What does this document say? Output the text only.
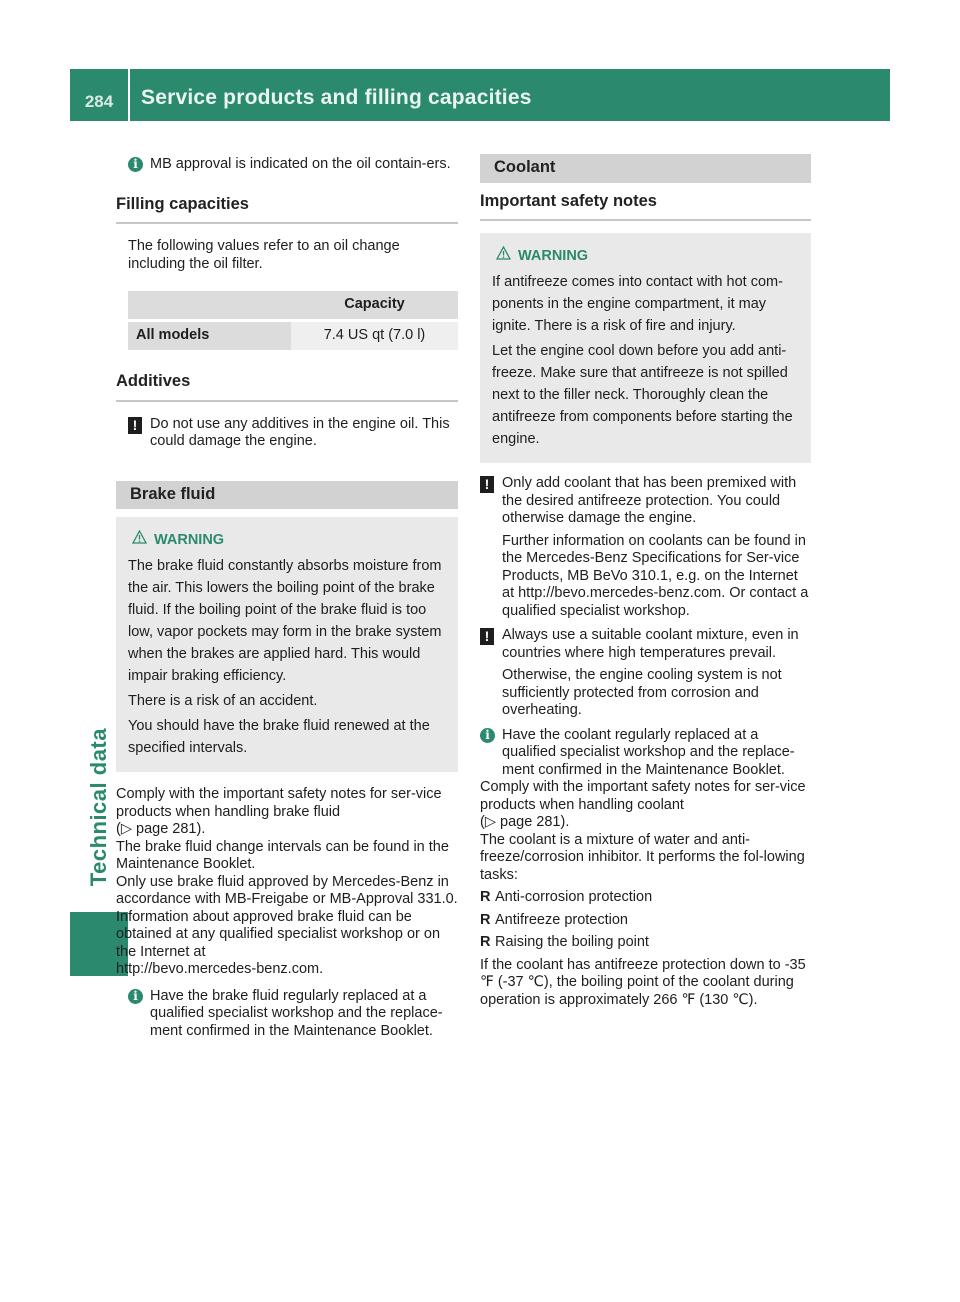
284	Service products and filling capacities
Technical data
i MB approval is indicated on the oil contain-ers.
Filling capacities
The following values refer to an oil change including the oil filter.
	Capacity
All models	7.4 US qt (7.0 l)
Additives
! Do not use any additives in the engine oil. This could damage the engine.
Brake fluid
WARNING

The brake fluid constantly absorbs moisture from the air. This lowers the boiling point of the brake fluid. If the boiling point of the brake fluid is too low, vapor pockets may form in the brake system when the brakes are applied hard. This would impair braking efficiency.

There is a risk of an accident.

You should have the brake fluid renewed at the specified intervals.

Comply with the important safety notes for ser-vice products when handling brake fluid
(▷ page 281).
The brake fluid change intervals can be found in the Maintenance Booklet.
Only use brake fluid approved by Mercedes-Benz in accordance with MB-Freigabe or MB-Approval 331.0.
Information about approved brake fluid can be obtained at any qualified specialist workshop or on the Internet at
http://bevo.mercedes-benz.com.
i Have the brake fluid regularly replaced at a qualified specialist workshop and the replace-ment confirmed in the Maintenance Booklet.
Coolant
Important safety notes
WARNING

If antifreeze comes into contact with hot com-ponents in the engine compartment, it may ignite. There is a risk of fire and injury.

Let the engine cool down before you add anti-freeze. Make sure that antifreeze is not spilled next to the filler neck. Thoroughly clean the antifreeze from components before starting the engine.

! Only add coolant that has been premixed with the desired antifreeze protection. You could otherwise damage the engine.
Further information on coolants can be found in the Mercedes-Benz Specifications for Ser-vice Products, MB BeVo 310.1, e.g. on the Internet at http://bevo.mercedes-benz.com. Or contact a qualified specialist workshop.
! Always use a suitable coolant mixture, even in countries where high temperatures prevail.
Otherwise, the engine cooling system is not sufficiently protected from corrosion and overheating.
i Have the coolant regularly replaced at a qualified specialist workshop and the replace-ment confirmed in the Maintenance Booklet.
Comply with the important safety notes for ser-vice products when handling coolant
(▷ page 281).
The coolant is a mixture of water and anti-freeze/corrosion inhibitor. It performs the fol-lowing tasks:
R Anti-corrosion protection
R Antifreeze protection
R Raising the boiling point
If the coolant has antifreeze protection down to -35 ℉ (-37 ℃), the boiling point of the coolant during operation is approximately 266 ℉ (130 ℃).
